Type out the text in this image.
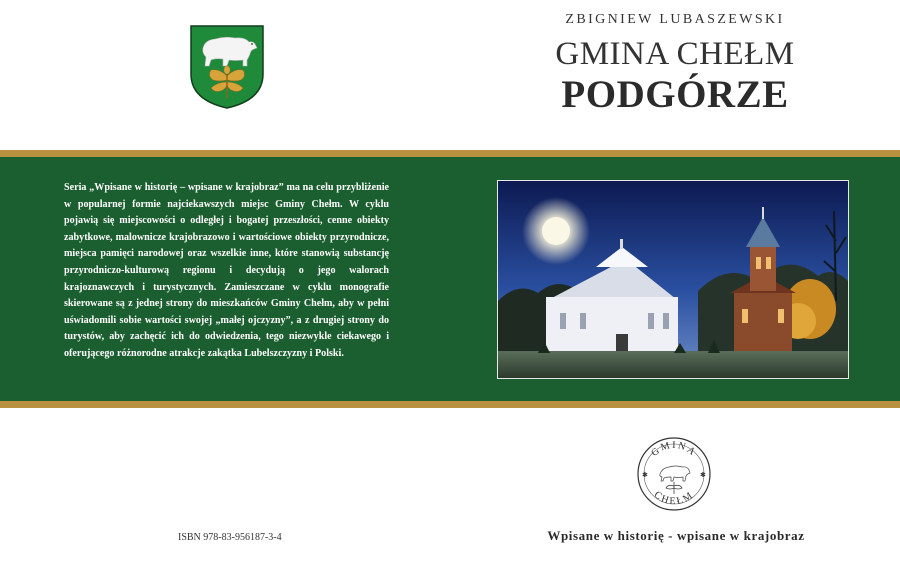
ZBIGNIEW LUBASZEWSKI
GMINA CHEŁM
PODGÓRZE
Seria „Wpisane w historię – wpisane w krajobraz” ma na celu przybliżenie w popularnej formie najciekawszych miejsc Gminy Chełm. W cyklu pojawią się miejscowości o odległej i bogatej przeszłości, cenne obiekty zabytkowe, malownicze krajobrazowo i wartościowe obiekty przyrodnicze, miejsca pamięci narodowej oraz wszelkie inne, które stanowią substancję przyrodniczo-kulturową regionu i decydują o jego walorach krajoznawczych i turystycznych. Zamieszczane w cyklu monografie skierowane są z jednej strony do mieszkańców Gminy Chełm, aby w pełni uświadomili sobie wartości swojej „małej ojczyzny”, a z drugiej strony do turystów, aby zachęcić ich do odwiedzenia, tego niezwykle ciekawego i oferującego różnorodne atrakcje zakątka Lubelszczyzny i Polski.
GMINA
CHEŁM
✱	✱
ISBN 978-83-956187-3-4	Wpisane w historię - wpisane w krajobraz
